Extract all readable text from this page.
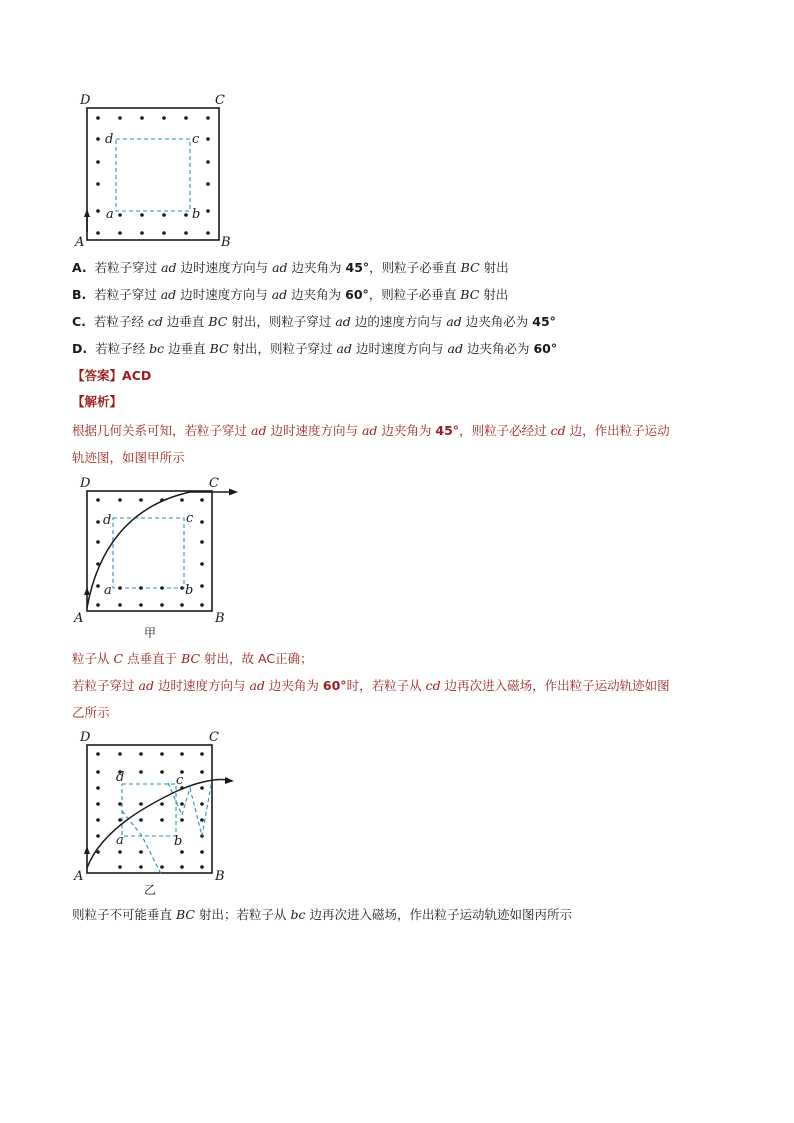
D	C
A	B
d	c
a	b
A. 若粒子穿过 ad 边时速度方向与 ad 边夹角为 45°，则粒子必垂直 BC 射出
B. 若粒子穿过 ad 边时速度方向与 ad 边夹角为 60°，则粒子必垂直 BC 射出
C. 若粒子经 cd 边垂直 BC 射出，则粒子穿过 ad 边的速度方向与 ad 边夹角必为 45°
D. 若粒子经 bc 边垂直 BC 射出，则粒子穿过 ad 边时速度方向与 ad 边夹角必为 60°
【答案】ACD
【解析】
根据几何关系可知，若粒子穿过 ad 边时速度方向与 ad 边夹角为 45°，则粒子必经过 cd 边，作出粒子运动
轨迹图，如图甲所示
D	C
A	B
d	c
a	b
甲
粒子从 C 点垂直于 BC 射出，故 AC正确；
若粒子穿过 ad 边时速度方向与 ad 边夹角为 60°时，若粒子从 cd 边再次进入磁场，作出粒子运动轨迹如图
乙所示
D	C
A	B
d	c
a	b
乙
则粒子不可能垂直 BC 射出；若粒子从 bc 边再次进入磁场，作出粒子运动轨迹如图丙所示
